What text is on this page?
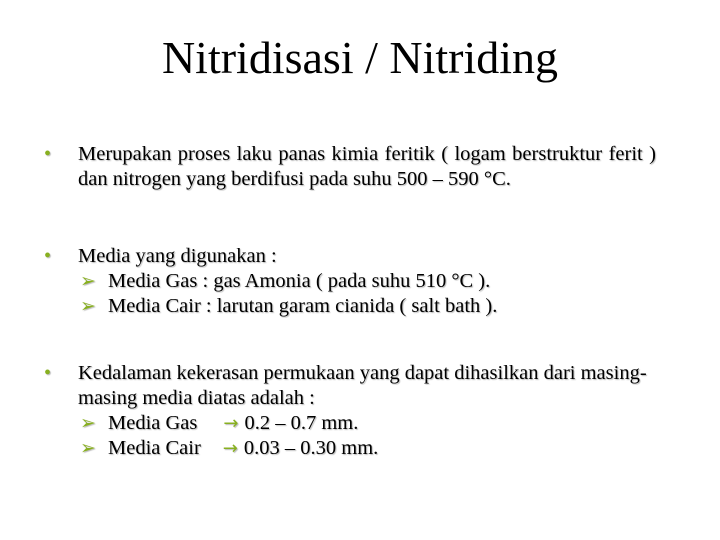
Nitridisasi / Nitriding
•	Merupakan proses laku panas kimia feritik ( logam berstruktur ferit ) dan nitrogen yang berdifusi pada suhu 500 – 590 °C.
•	Media yang digunakan :
➢ Media Gas : gas Amonia ( pada suhu 510 °C ).
➢ Media Cair : larutan garam cianida ( salt bath ).
•	Kedalaman kekerasan permukaan yang dapat dihasilkan dari masing-masing media diatas adalah :
➢ Media Gas → 0.2 – 0.7 mm.
➢ Media Cair → 0.03 – 0.30 mm.
